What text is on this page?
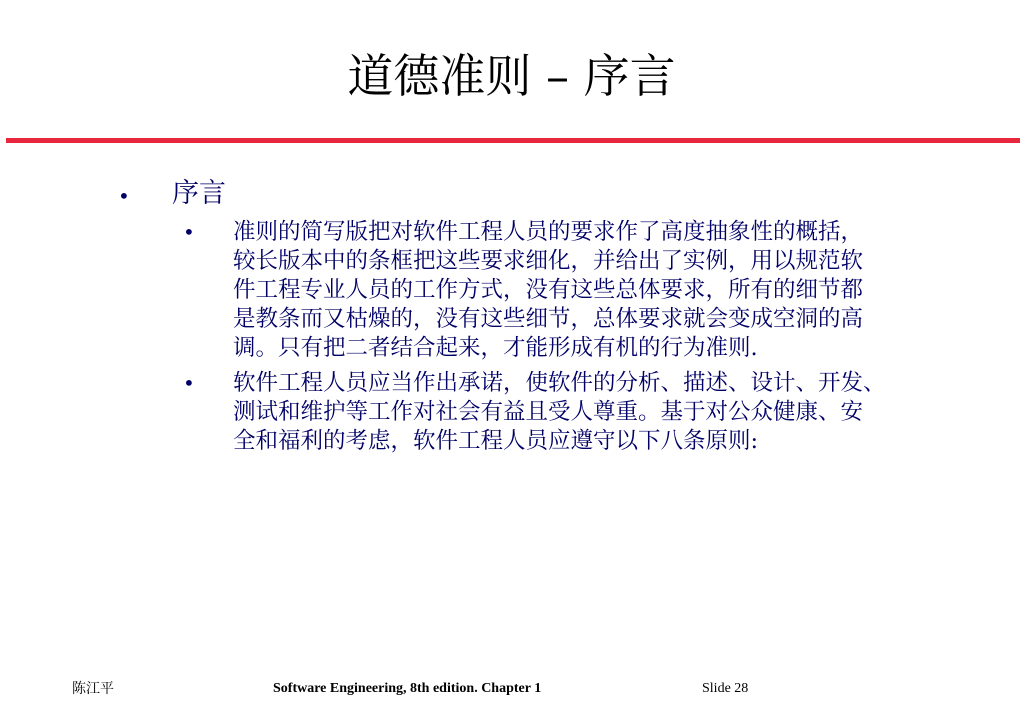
道德准则 – 序言
• 序言
• 准则的简写版把对软件工程人员的要求作了高度抽象性的概括，
较长版本中的条框把这些要求细化，并给出了实例，用以规范软
件工程专业人员的工作方式，没有这些总体要求，所有的细节都
是教条而又枯燥的，没有这些细节，总体要求就会变成空洞的高
调。只有把二者结合起来，才能形成有机的行为准则.
• 软件工程人员应当作出承诺，使软件的分析、描述、设计、开发、
测试和维护等工作对社会有益且受人尊重。基于对公众健康、安
全和福利的考虑，软件工程人员应遵守以下八条原则:
陈江平	Software Engineering, 8th edition. Chapter 1	Slide 28
